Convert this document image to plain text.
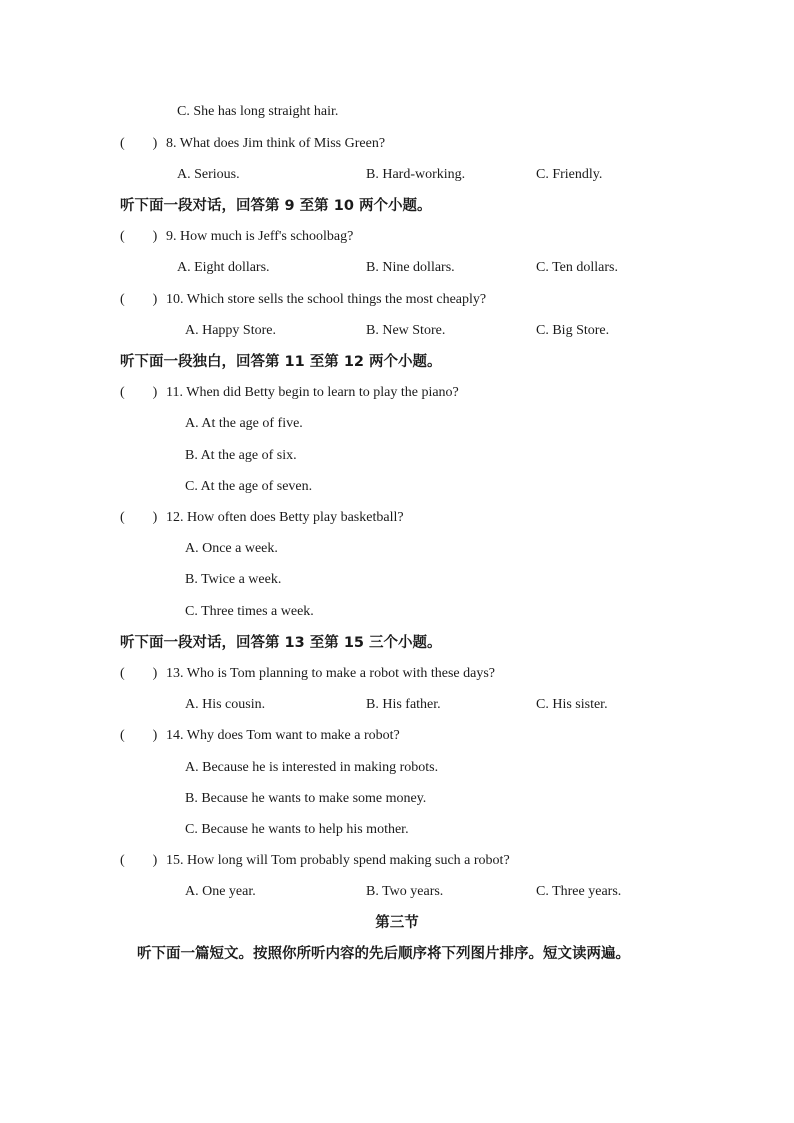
C. She has long straight hair.
(        ) 8. What does Jim think of Miss Green?
A. Serious.	B. Hard-working.	C. Friendly.
听下面一段对话，回答第 9 至第 10 两个小题。
(        ) 9. How much is Jeff's schoolbag?
A. Eight dollars.	B. Nine dollars.	C. Ten dollars.
(        ) 10. Which store sells the school things the most cheaply?
A. Happy Store.	B. New Store.	C. Big Store.
听下面一段独白，回答第 11 至第 12 两个小题。
(        ) 11. When did Betty begin to learn to play the piano?
A. At the age of five.
B. At the age of six.
C. At the age of seven.
(        ) 12. How often does Betty play basketball?
A. Once a week.
B. Twice a week.
C. Three times a week.
听下面一段对话，回答第 13 至第 15 三个小题。
(        ) 13. Who is Tom planning to make a robot with these days?
A. His cousin.	B. His father.	C. His sister.
(        ) 14. Why does Tom want to make a robot?
A. Because he is interested in making robots.
B. Because he wants to make some money.
C. Because he wants to help his mother.
(        ) 15. How long will Tom probably spend making such a robot?
A. One year.	B. Two years.	C. Three years.
第三节
听下面一篇短文。按照你所听内容的先后顺序将下列图片排序。短文读两遍。
